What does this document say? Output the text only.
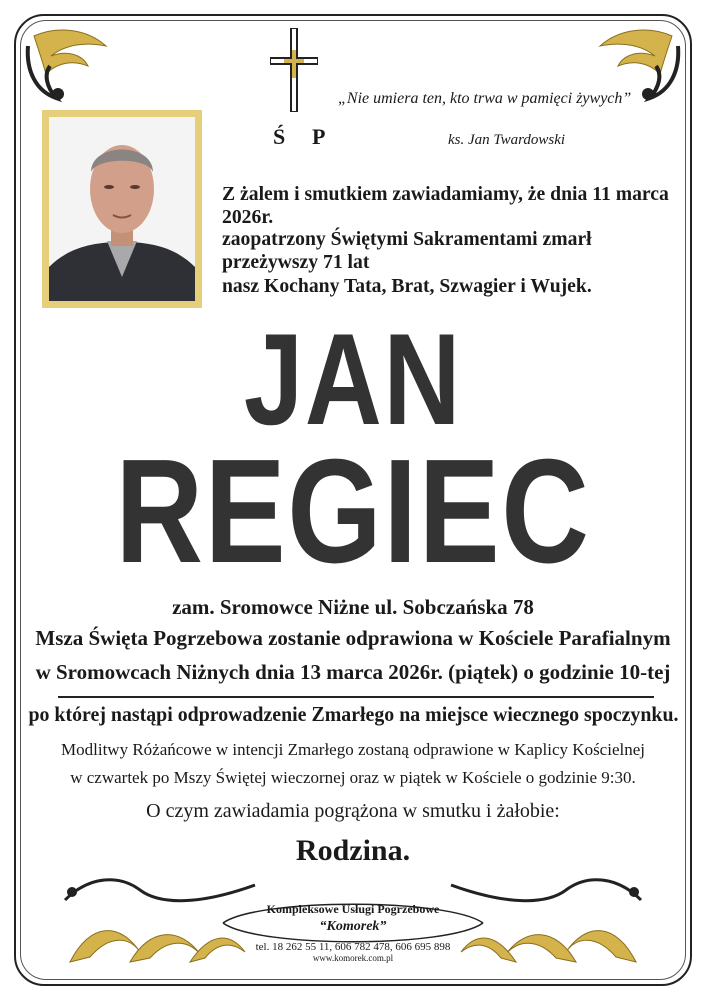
Ś P
„Nie umiera ten, kto trwa w pamięci żywych”
ks. Jan Twardowski
Z żalem i smutkiem zawiadamiamy, że dnia 11 marca 2026r.
zaopatrzony Świętymi Sakramentami zmarł przeżywszy 71 lat
nasz Kochany Tata, Brat, Szwagier i Wujek.
JAN
REGIEC
zam. Sromowce Niżne ul. Sobczańska 78
Msza Święta Pogrzebowa zostanie odprawiona w Kościele Parafialnym
w Sromowcach Niżnych dnia 13 marca 2026r. (piątek) o godzinie 10-tej
po której nastąpi odprowadzenie Zmarłego na miejsce wiecznego spoczynku.
Modlitwy Różańcowe w intencji Zmarłego zostaną odprawione w Kaplicy Kościelnej
w czwartek po Mszy Świętej wieczornej oraz w piątek w Kościele o godzinie 9:30.
O czym zawiadamia pogrążona w smutku i żałobie:
Rodzina.
Kompleksowe Usługi Pogrzebowe
“Komorek”
tel. 18 262 55 11, 606 782 478, 606 695 898
www.komorek.com.pl
